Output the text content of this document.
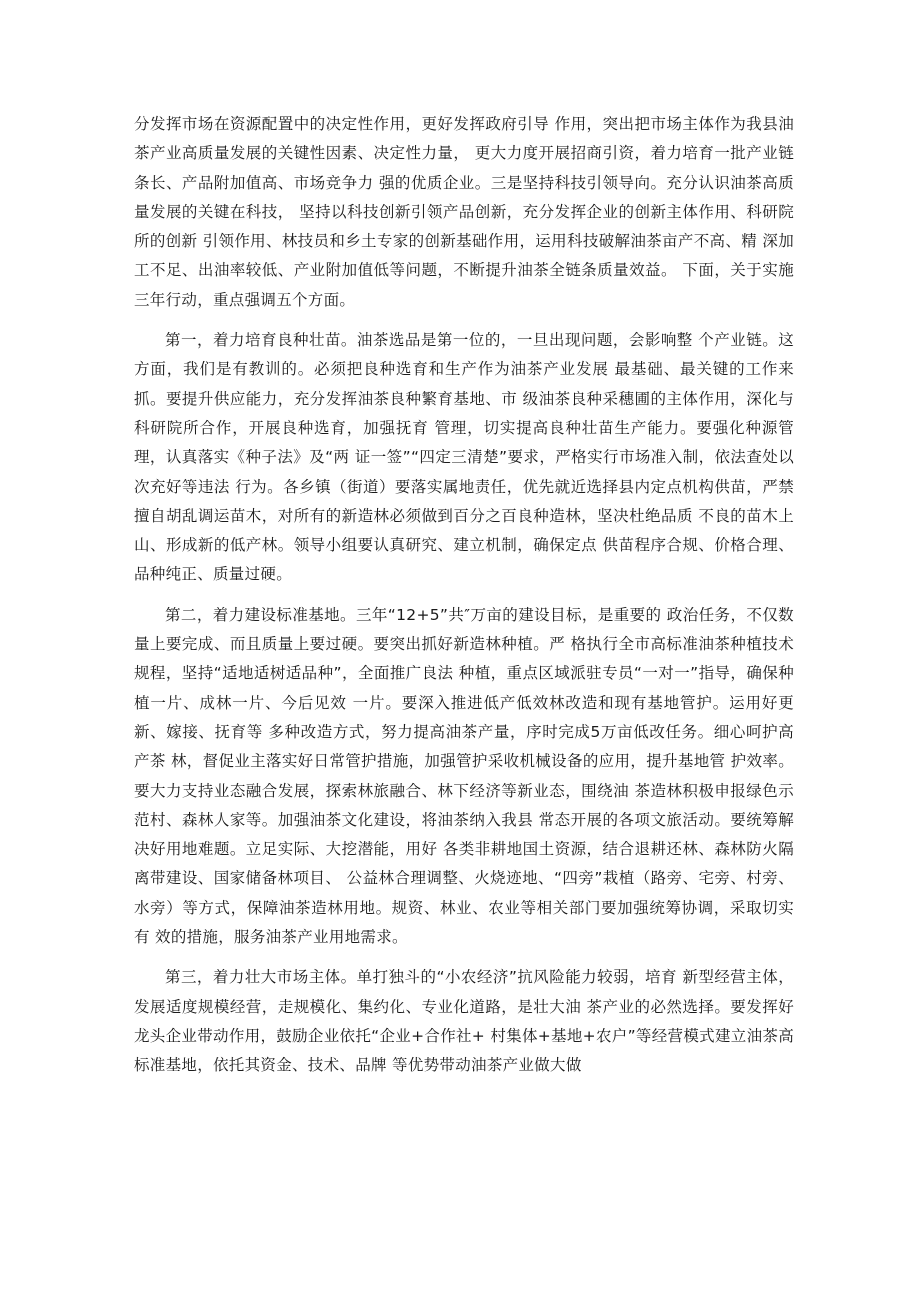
分发挥市场在资源配置中的决定性作用，更好发挥政府引导 作用，突出把市场主体作为我县油茶产业高质量发展的关键性因素、决定性力量， 更大力度开展招商引资，着力培育一批产业链条长、产品附加值高、市场竞争力 强的优质企业。三是坚持科技引领导向。充分认识油茶高质量发展的关键在科技， 坚持以科技创新引领产品创新，充分发挥企业的创新主体作用、科研院所的创新 引领作用、林技员和乡土专家的创新基础作用，运用科技破解油茶亩产不高、精 深加工不足、出油率较低、产业附加值低等问题，不断提升油茶全链条质量效益。 下面，关于实施三年行动，重点强调五个方面。

第一，着力培育良种壮苗。油茶选品是第一位的，一旦出现问题，会影响整 个产业链。这方面，我们是有教训的。必须把良种选育和生产作为油茶产业发展 最基础、最关键的工作来抓。要提升供应能力，充分发挥油茶良种繁育基地、市 级油茶良种采穗圃的主体作用，深化与科研院所合作，开展良种选育，加强抚育 管理，切实提高良种壮苗生产能力。要强化种源管理，认真落实《种子法》及“两 证一签”“四定三清楚”要求，严格实行市场准入制，依法查处以次充好等违法 行为。各乡镇（街道）要落实属地责任，优先就近选择县内定点机构供苗，严禁 擅自胡乱调运苗木，对所有的新造林必须做到百分之百良种造林，坚决杜绝品质 不良的苗木上山、形成新的低产林。领导小组要认真研究、建立机制，确保定点 供苗程序合规、价格合理、品种纯正、质量过硬。

第二，着力建设标准基地。三年“12+5”共″万亩的建设目标，是重要的 政治任务，不仅数量上要完成、而且质量上要过硬。要突出抓好新造林种植。严 格执行全市高标准油茶种植技术规程，坚持“适地适树适品种”，全面推广良法 种植，重点区域派驻专员“一对一”指导，确保种植一片、成林一片、今后见效 一片。要深入推进低产低效林改造和现有基地管护。运用好更新、嫁接、抚育等 多种改造方式，努力提高油茶产量，序时完成5万亩低改任务。细心呵护高产茶 林，督促业主落实好日常管护措施，加强管护采收机械设备的应用，提升基地管 护效率。要大力支持业态融合发展，探索林旅融合、林下经济等新业态，围绕油 茶造林积极申报绿色示范村、森林人家等。加强油茶文化建设，将油茶纳入我县 常态开展的各项文旅活动。要统筹解决好用地难题。立足实际、大挖潜能，用好 各类非耕地国土资源，结合退耕还林、森林防火隔离带建设、国家储备林项目、 公益林合理调整、火烧迹地、“四旁”栽植（路旁、宅旁、村旁、水旁）等方式，保障油茶造林用地。规资、林业、农业等相关部门要加强统筹协调，采取切实有 效的措施，服务油茶产业用地需求。

第三，着力壮大市场主体。单打独斗的“小农经济”抗风险能力较弱，培育 新型经营主体，发展适度规模经营，走规模化、集约化、专业化道路，是壮大油 茶产业的必然选择。要发挥好龙头企业带动作用，鼓励企业依托“企业+合作社+ 村集体+基地+农户”等经营模式建立油茶高标准基地，依托其资金、技术、品牌 等优势带动油茶产业做大做
